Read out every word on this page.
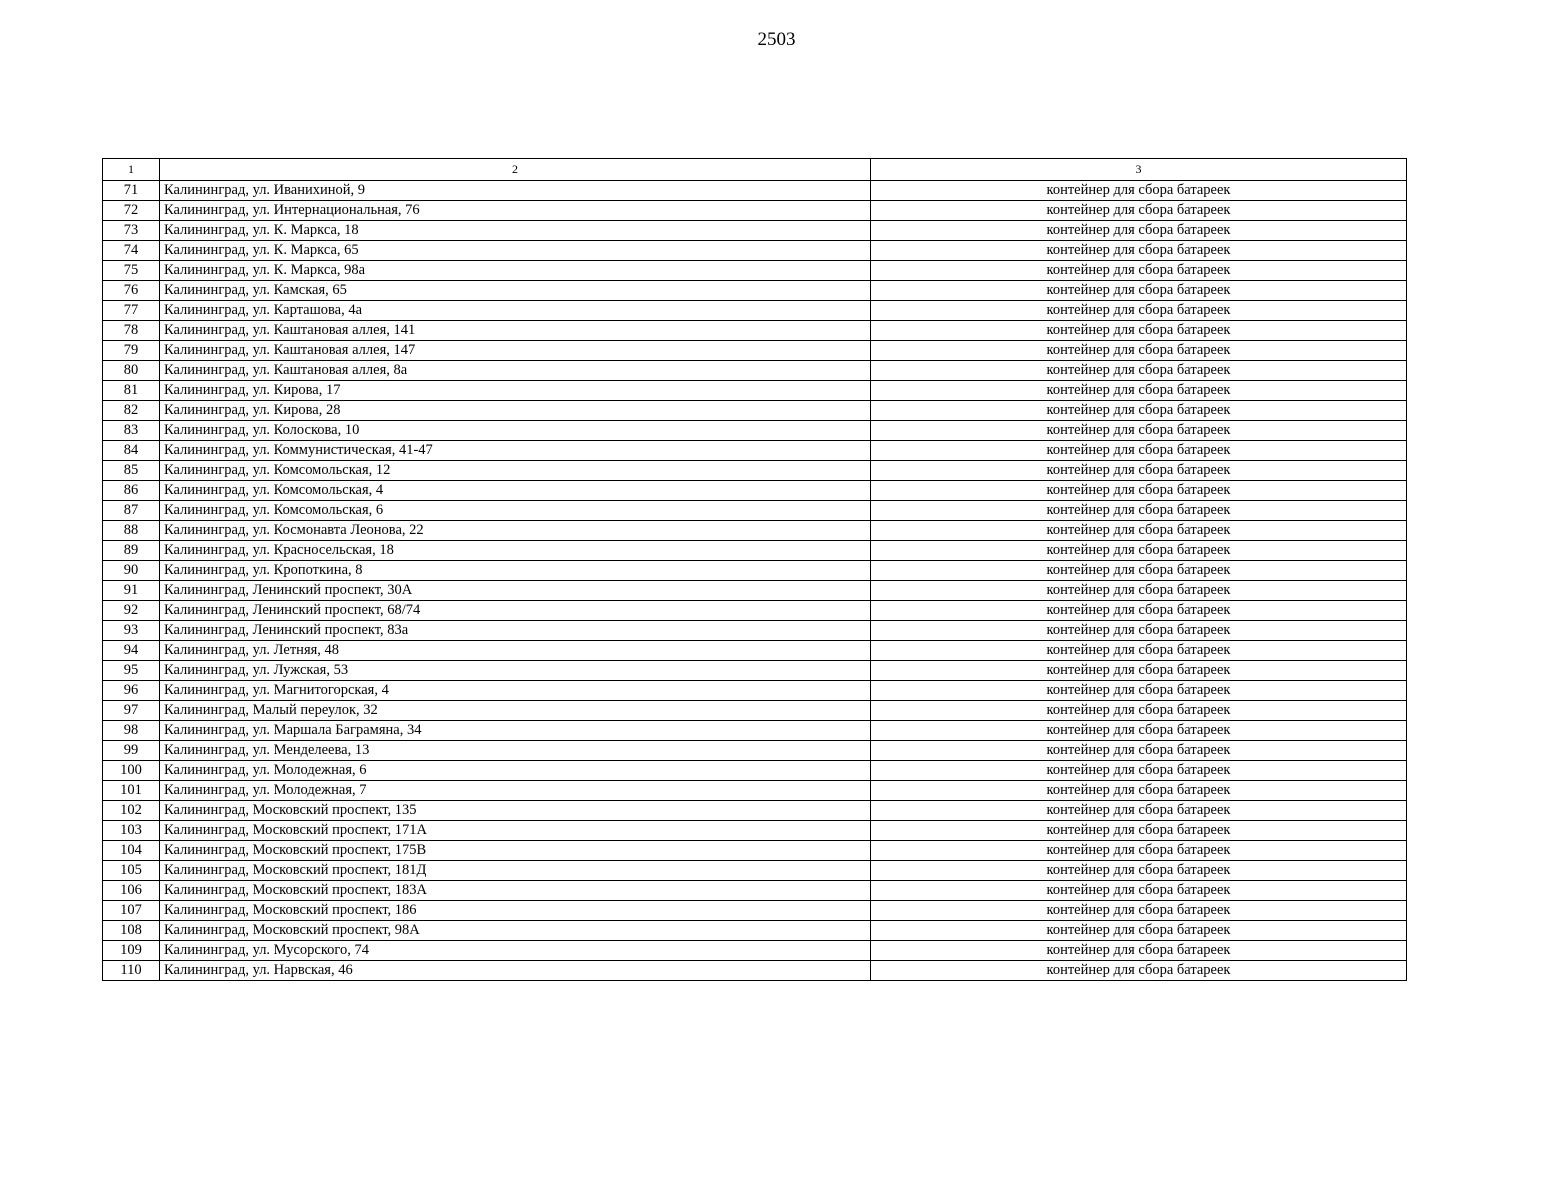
2503
1	2	3
71	Калининград, ул. Иванихиной, 9	контейнер для сбора батареек
72	Калининград, ул. Интернациональная, 76	контейнер для сбора батареек
73	Калининград, ул. К. Маркса, 18	контейнер для сбора батареек
74	Калининград, ул. К. Маркса, 65	контейнер для сбора батареек
75	Калининград, ул. К. Маркса, 98а	контейнер для сбора батареек
76	Калининград, ул. Камская, 65	контейнер для сбора батареек
77	Калининград, ул. Карташова, 4а	контейнер для сбора батареек
78	Калининград, ул. Каштановая аллея, 141	контейнер для сбора батареек
79	Калининград, ул. Каштановая аллея, 147	контейнер для сбора батареек
80	Калининград, ул. Каштановая аллея, 8а	контейнер для сбора батареек
81	Калининград, ул. Кирова, 17	контейнер для сбора батареек
82	Калининград, ул. Кирова, 28	контейнер для сбора батареек
83	Калининград, ул. Колоскова, 10	контейнер для сбора батареек
84	Калининград, ул. Коммунистическая, 41-47	контейнер для сбора батареек
85	Калининград, ул. Комсомольская, 12	контейнер для сбора батареек
86	Калининград, ул. Комсомольская, 4	контейнер для сбора батареек
87	Калининград, ул. Комсомольская, 6	контейнер для сбора батареек
88	Калининград, ул. Космонавта Леонова, 22	контейнер для сбора батареек
89	Калининград, ул. Красносельская, 18	контейнер для сбора батареек
90	Калининград, ул. Кропоткина, 8	контейнер для сбора батареек
91	Калининград, Ленинский проспект, 30А	контейнер для сбора батареек
92	Калининград, Ленинский проспект, 68/74	контейнер для сбора батареек
93	Калининград, Ленинский проспект, 83а	контейнер для сбора батареек
94	Калининград, ул. Летняя, 48	контейнер для сбора батареек
95	Калининград, ул. Лужская, 53	контейнер для сбора батареек
96	Калининград, ул. Магнитогорская, 4	контейнер для сбора батареек
97	Калининград, Малый переулок, 32	контейнер для сбора батареек
98	Калининград, ул. Маршала Баграмяна, 34	контейнер для сбора батареек
99	Калининград, ул. Менделеева, 13	контейнер для сбора батареек
100	Калининград, ул. Молодежная, 6	контейнер для сбора батареек
101	Калининград, ул. Молодежная, 7	контейнер для сбора батареек
102	Калининград, Московский проспект, 135	контейнер для сбора батареек
103	Калининград, Московский проспект, 171А	контейнер для сбора батареек
104	Калининград, Московский проспект, 175В	контейнер для сбора батареек
105	Калининград, Московский проспект, 181Д	контейнер для сбора батареек
106	Калининград, Московский проспект, 183А	контейнер для сбора батареек
107	Калининград, Московский проспект, 186	контейнер для сбора батареек
108	Калининград, Московский проспект, 98А	контейнер для сбора батареек
109	Калининград, ул. Мусорского, 74	контейнер для сбора батареек
110	Калининград, ул. Нарвская, 46	контейнер для сбора батареек
